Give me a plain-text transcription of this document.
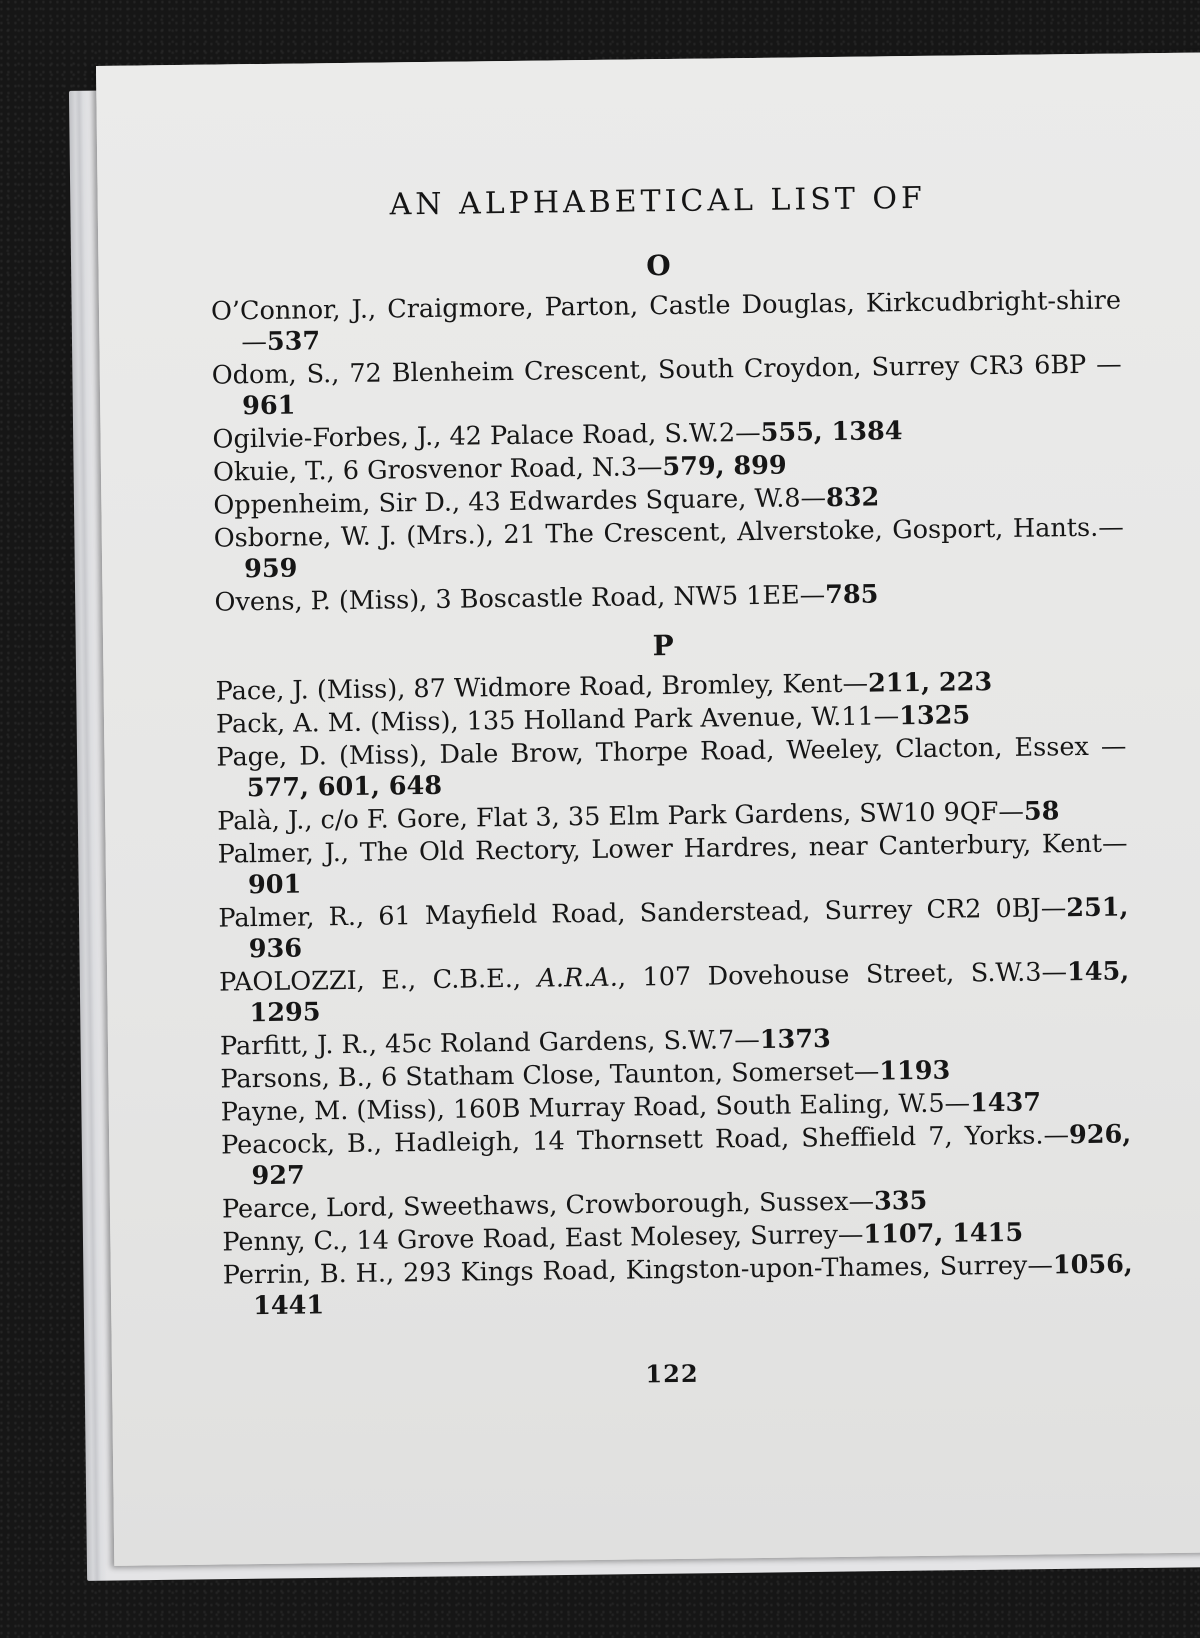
AN ALPHABETICAL LIST OF
O
O’Connor, J., Craigmore, Parton, Castle Douglas, Kirkcudbright-shire—537
Odom, S., 72 Blenheim Crescent, South Croydon, Surrey CR3 6BP —961
Ogilvie-Forbes, J., 42 Palace Road, S.W.2—555, 1384
Okuie, T., 6 Grosvenor Road, N.3—579, 899
Oppenheim, Sir D., 43 Edwardes Square, W.8—832
Osborne, W. J. (Mrs.), 21 The Crescent, Alverstoke, Gosport, Hants.—959
Ovens, P. (Miss), 3 Boscastle Road, NW5 1EE—785
P
Pace, J. (Miss), 87 Widmore Road, Bromley, Kent—211, 223
Pack, A. M. (Miss), 135 Holland Park Avenue, W.11—1325
Page, D. (Miss), Dale Brow, Thorpe Road, Weeley, Clacton, Essex —577, 601, 648
Palà, J., c/o F. Gore, Flat 3, 35 Elm Park Gardens, SW10 9QF—58
Palmer, J., The Old Rectory, Lower Hardres, near Canterbury, Kent—901
Palmer, R., 61 Mayfield Road, Sanderstead, Surrey CR2 0BJ—251, 936
PAOLOZZI, E., C.B.E., A.R.A., 107 Dovehouse Street, S.W.3—145, 1295
Parfitt, J. R., 45c Roland Gardens, S.W.7—1373
Parsons, B., 6 Statham Close, Taunton, Somerset—1193
Payne, M. (Miss), 160B Murray Road, South Ealing, W.5—1437
Peacock, B., Hadleigh, 14 Thornsett Road, Sheffield 7, Yorks.—926, 927
Pearce, Lord, Sweethaws, Crowborough, Sussex—335
Penny, C., 14 Grove Road, East Molesey, Surrey—1107, 1415
Perrin, B. H., 293 Kings Road, Kingston-upon-Thames, Surrey—1056, 1441
122
